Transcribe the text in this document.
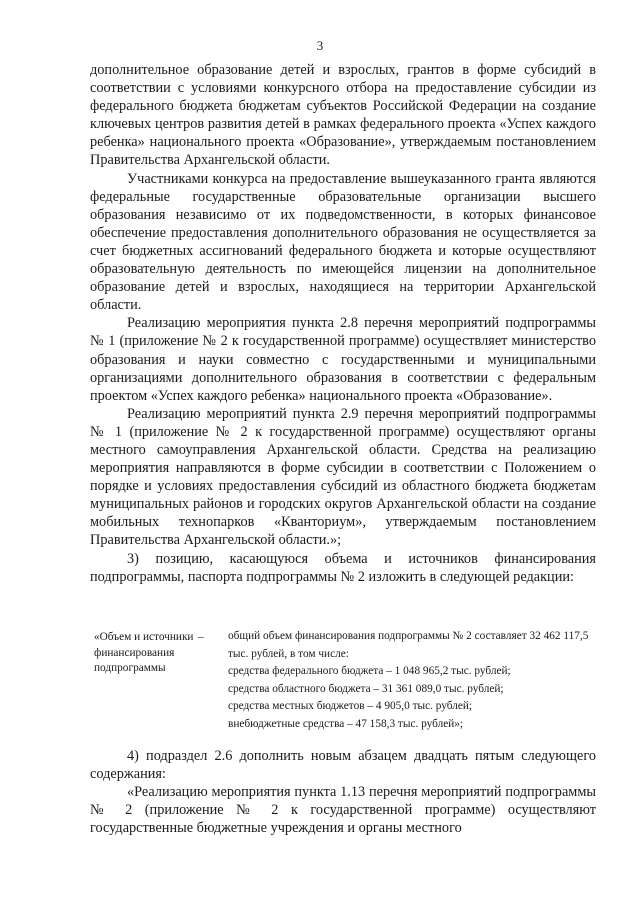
3

дополнительное образование детей и взрослых, грантов в форме субсидий в соответствии с условиями конкурсного отбора на предоставление субсидии из федерального бюджета бюджетам субъектов Российской Федерации на создание ключевых центров развития детей в рамках федерального проекта «Успех каждого ребенка» национального проекта «Образование», утверждаемым постановлением Правительства Архангельской области.

Участниками конкурса на предоставление вышеуказанного гранта являются федеральные государственные образовательные организации высшего образования независимо от их подведомственности, в которых финансовое обеспечение предоставления дополнительного образования не осуществляется за счет бюджетных ассигнований федерального бюджета и которые осуществляют образовательную деятельность по имеющейся лицензии на дополнительное образование детей и взрослых, находящиеся на территории Архангельской области.

Реализацию мероприятия пункта 2.8 перечня мероприятий подпрограммы № 1 (приложение № 2 к государственной программе) осуществляет министерство образования и науки совместно с государственными и муниципальными организациями дополнительного образования в соответствии с федеральным проектом «Успех каждого ребенка» национального проекта «Образование».

Реализацию мероприятий пункта 2.9 перечня мероприятий подпрограммы № 1 (приложение № 2 к государственной программе) осуществляют органы местного самоуправления Архангельской области. Средства на реализацию мероприятия направляются в форме субсидии в соответствии с Положением о порядке и условиях предоставления субсидий из областного бюджета бюджетам муниципальных районов и городских округов Архангельской области на создание мобильных технопарков «Кванториум», утверждаемым постановлением Правительства Архангельской области.»;

3) позицию, касающуюся объема и источников финансирования подпрограммы, паспорта подпрограммы № 2 изложить в следующей редакции:

«Объем и источники финансирования подпрограммы
–	общий объем финансирования подпрограммы № 2 составляет 32 462 117,5 тыс. рублей, в том числе:
средства федерального бюджета – 1 048 965,2 тыс. рублей;
средства областного бюджета – 31 361 089,0 тыс. рублей;
средства местных бюджетов – 4 905,0 тыс. рублей;
внебюджетные средства – 47 158,3 тыс. рублей»;

4) подраздел 2.6 дополнить новым абзацем двадцать пятым следующего содержания:

«Реализацию мероприятия пункта 1.13 перечня мероприятий подпрограммы № 2 (приложение № 2 к государственной программе) осуществляют государственные бюджетные учреждения и органы местного
